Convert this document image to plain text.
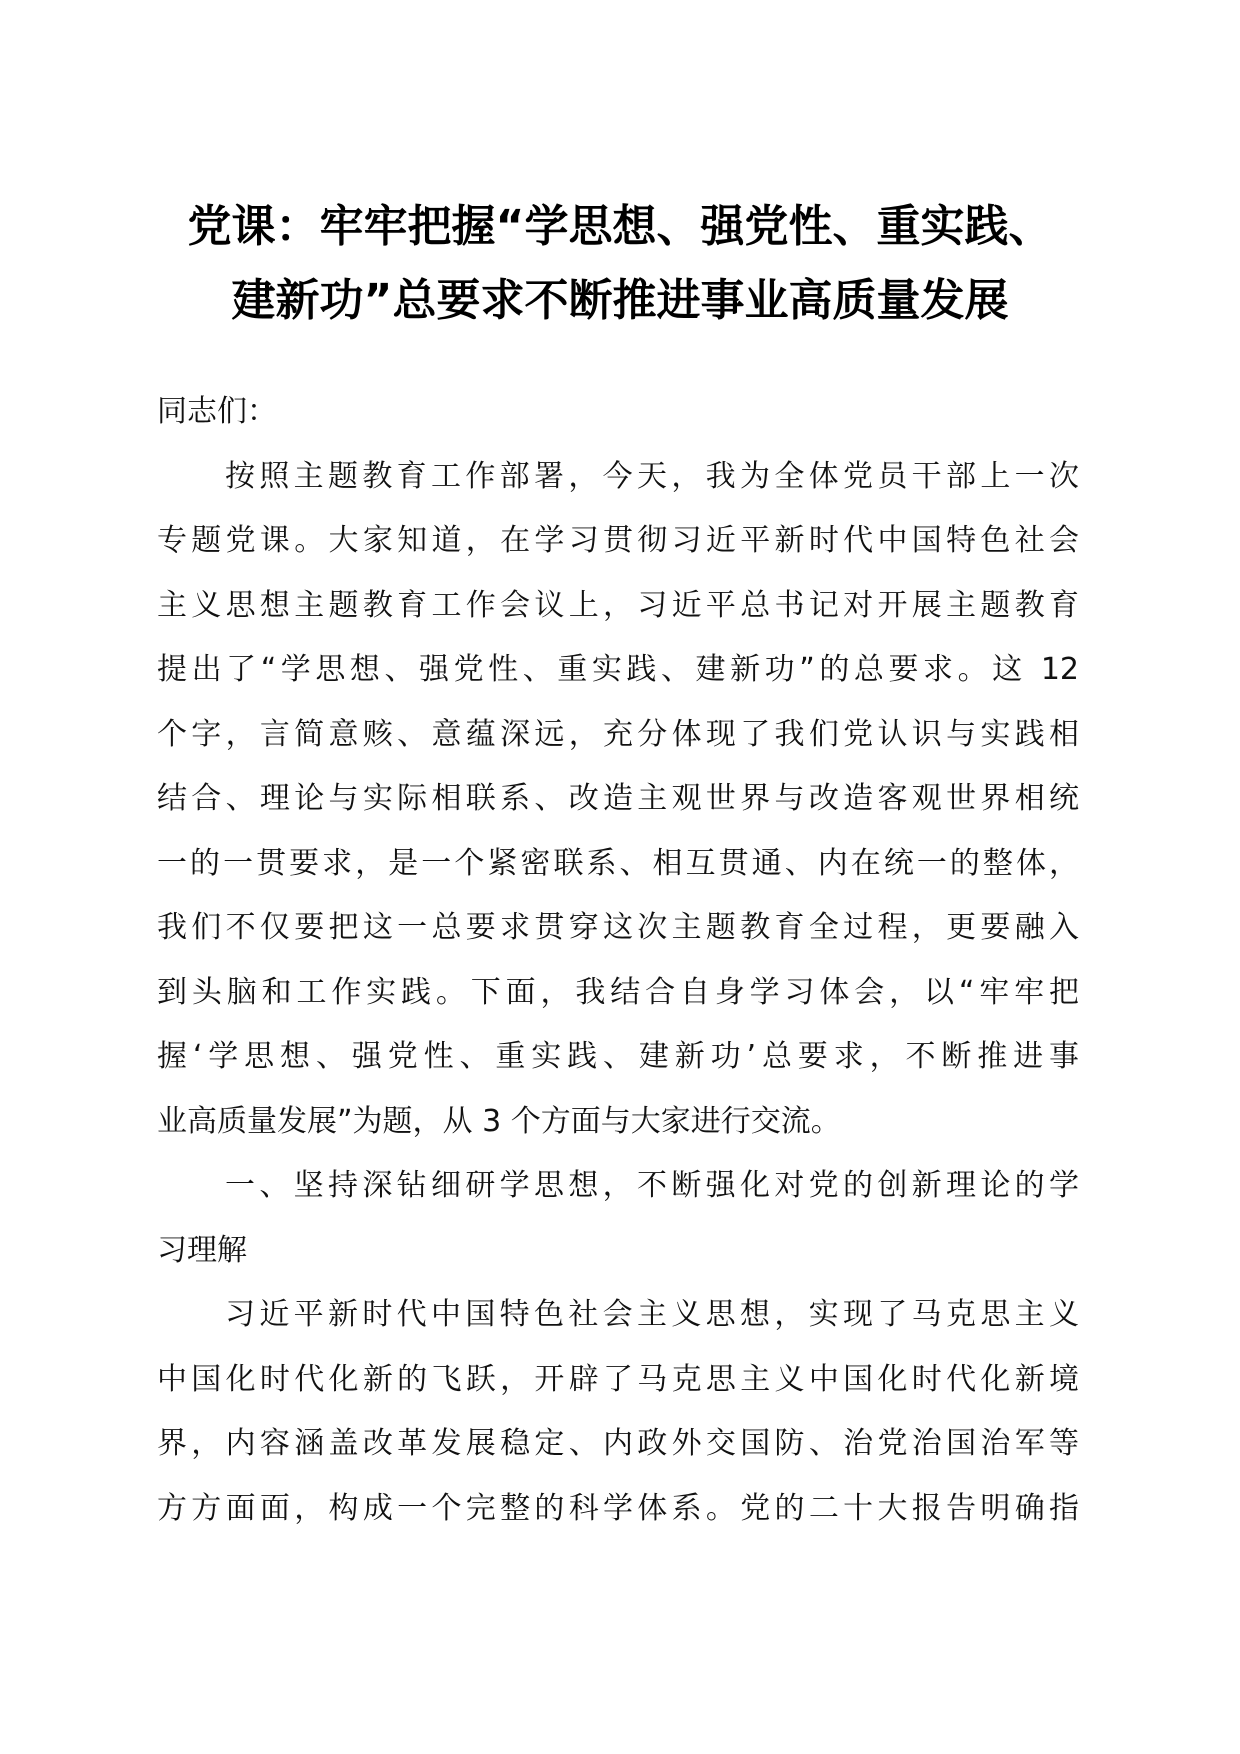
党课：牢牢把握“学思想、强党性、重实践、
建新功”总要求不断推进事业高质量发展
同志们：
按照主题教育工作部署，今天，我为全体党员干部上一次
专题党课。大家知道，在学习贯彻习近平新时代中国特色社会
主义思想主题教育工作会议上，习近平总书记对开展主题教育
提出了“学思想、强党性、重实践、建新功”的总要求。这 12
个字，言简意赅、意蕴深远，充分体现了我们党认识与实践相
结合、理论与实际相联系、改造主观世界与改造客观世界相统
一的一贯要求，是一个紧密联系、相互贯通、内在统一的整体，
我们不仅要把这一总要求贯穿这次主题教育全过程，更要融入
到头脑和工作实践。下面，我结合自身学习体会，以“牢牢把
握‘学思想、强党性、重实践、建新功’总要求，不断推进事
业高质量发展”为题，从 3 个方面与大家进行交流。
一、坚持深钻细研学思想，不断强化对党的创新理论的学
习理解
习近平新时代中国特色社会主义思想，实现了马克思主义
中国化时代化新的飞跃，开辟了马克思主义中国化时代化新境
界，内容涵盖改革发展稳定、内政外交国防、治党治国治军等
方方面面，构成一个完整的科学体系。党的二十大报告明确指
